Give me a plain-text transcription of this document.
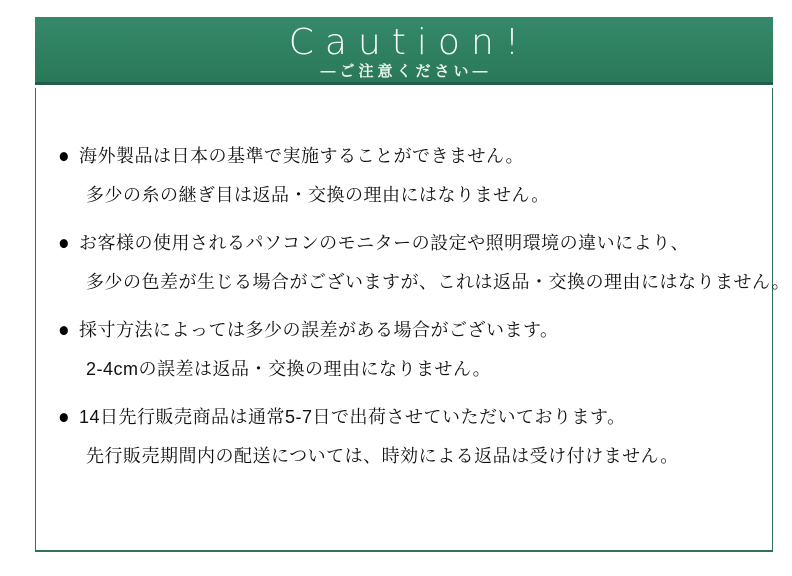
Caution!
—ご注意ください—
● 海外製品は日本の基準で実施することができません。
多少の糸の継ぎ目は返品・交換の理由にはなりません。
● お客様の使用されるパソコンのモニターの設定や照明環境の違いにより、
多少の色差が生じる場合がございますが、これは返品・交換の理由にはなりません。
● 採寸方法によっては多少の誤差がある場合がございます。
2-4cmの誤差は返品・交換の理由になりません。
● 14日先行販売商品は通常5-7日で出荷させていただいております。
先行販売期間内の配送については、時効による返品は受け付けません。
